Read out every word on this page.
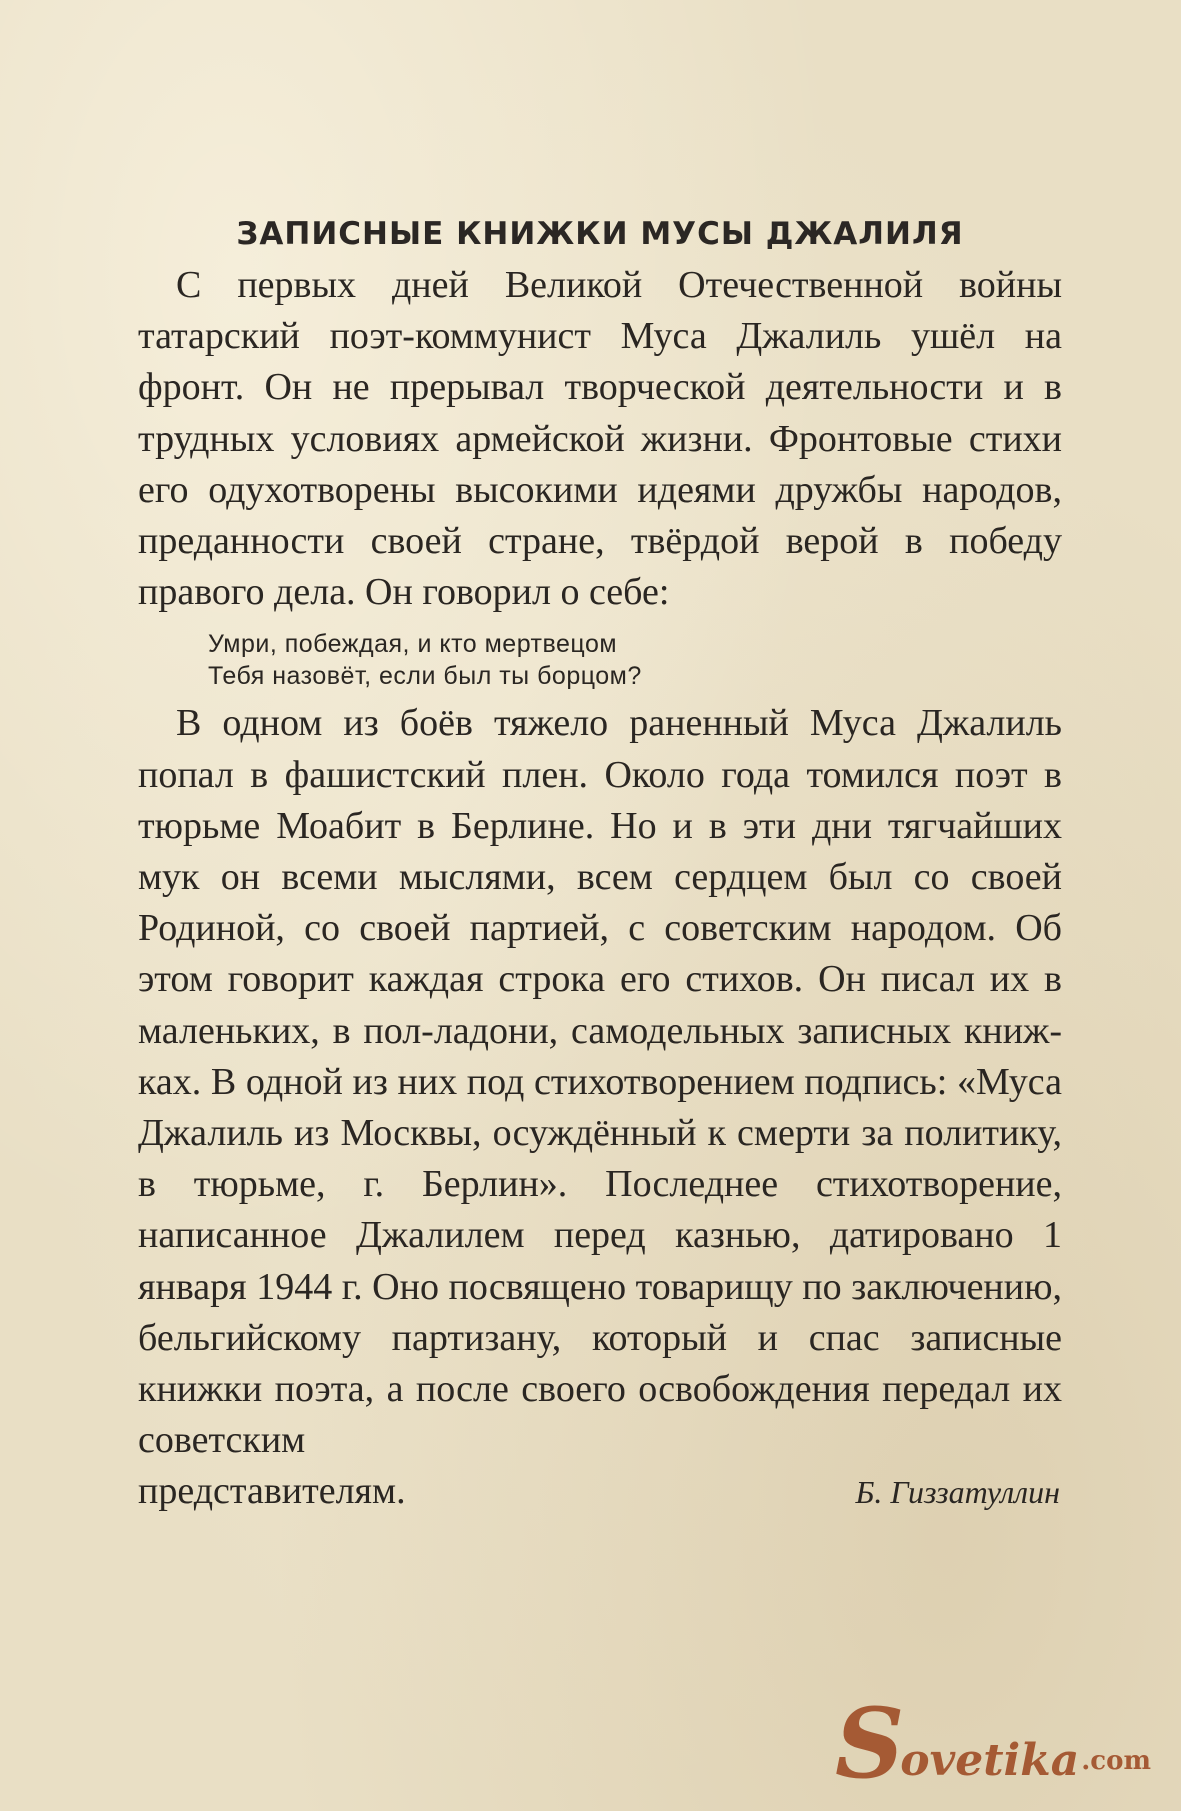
ЗАПИСНЫЕ КНИЖКИ МУСЫ ДЖАЛИЛЯ

С первых дней Великой Отечественной войны татарский поэт-коммунист Муса Джалиль ушёл на фронт. Он не прерывал творческой деятельности и в трудных условиях армейской жизни. Фронтовые стихи его одухотворены высокими идеями дружбы народов, преданности своей стране, твёрдой верой в победу правого дела. Он говорил о себе:

Умри, побеждая, и кто мертвецом
Тебя назовёт, если был ты борцом?

В одном из боёв тяжело раненный Муса Джалиль попал в фашистский плен. Около года томился поэт в тюрьме Моабит в Берлине. Но и в эти дни тягчайших мук он всеми мыслями, всем сердцем был со своей Родиной, со своей партией, с советским народом. Об этом говорит каждая строка его стихов. Он писал их в маленьких, в пол-ладони, самодельных записных книжках. В одной из них под стихотворением подпись: «Муса Джалиль из Москвы, осуждённый к смерти за политику, в тюрьме, г. Берлин». Последнее стихотворение, написанное Джалилем перед казнью, датировано 1 января 1944 г. Оно посвящено товарищу по заключению, бельгийскому партизану, который и спас записные книжки поэта, а после своего освобождения передал их советским

представителям.	Б. Гиззатуллин
S
ovetika .com
